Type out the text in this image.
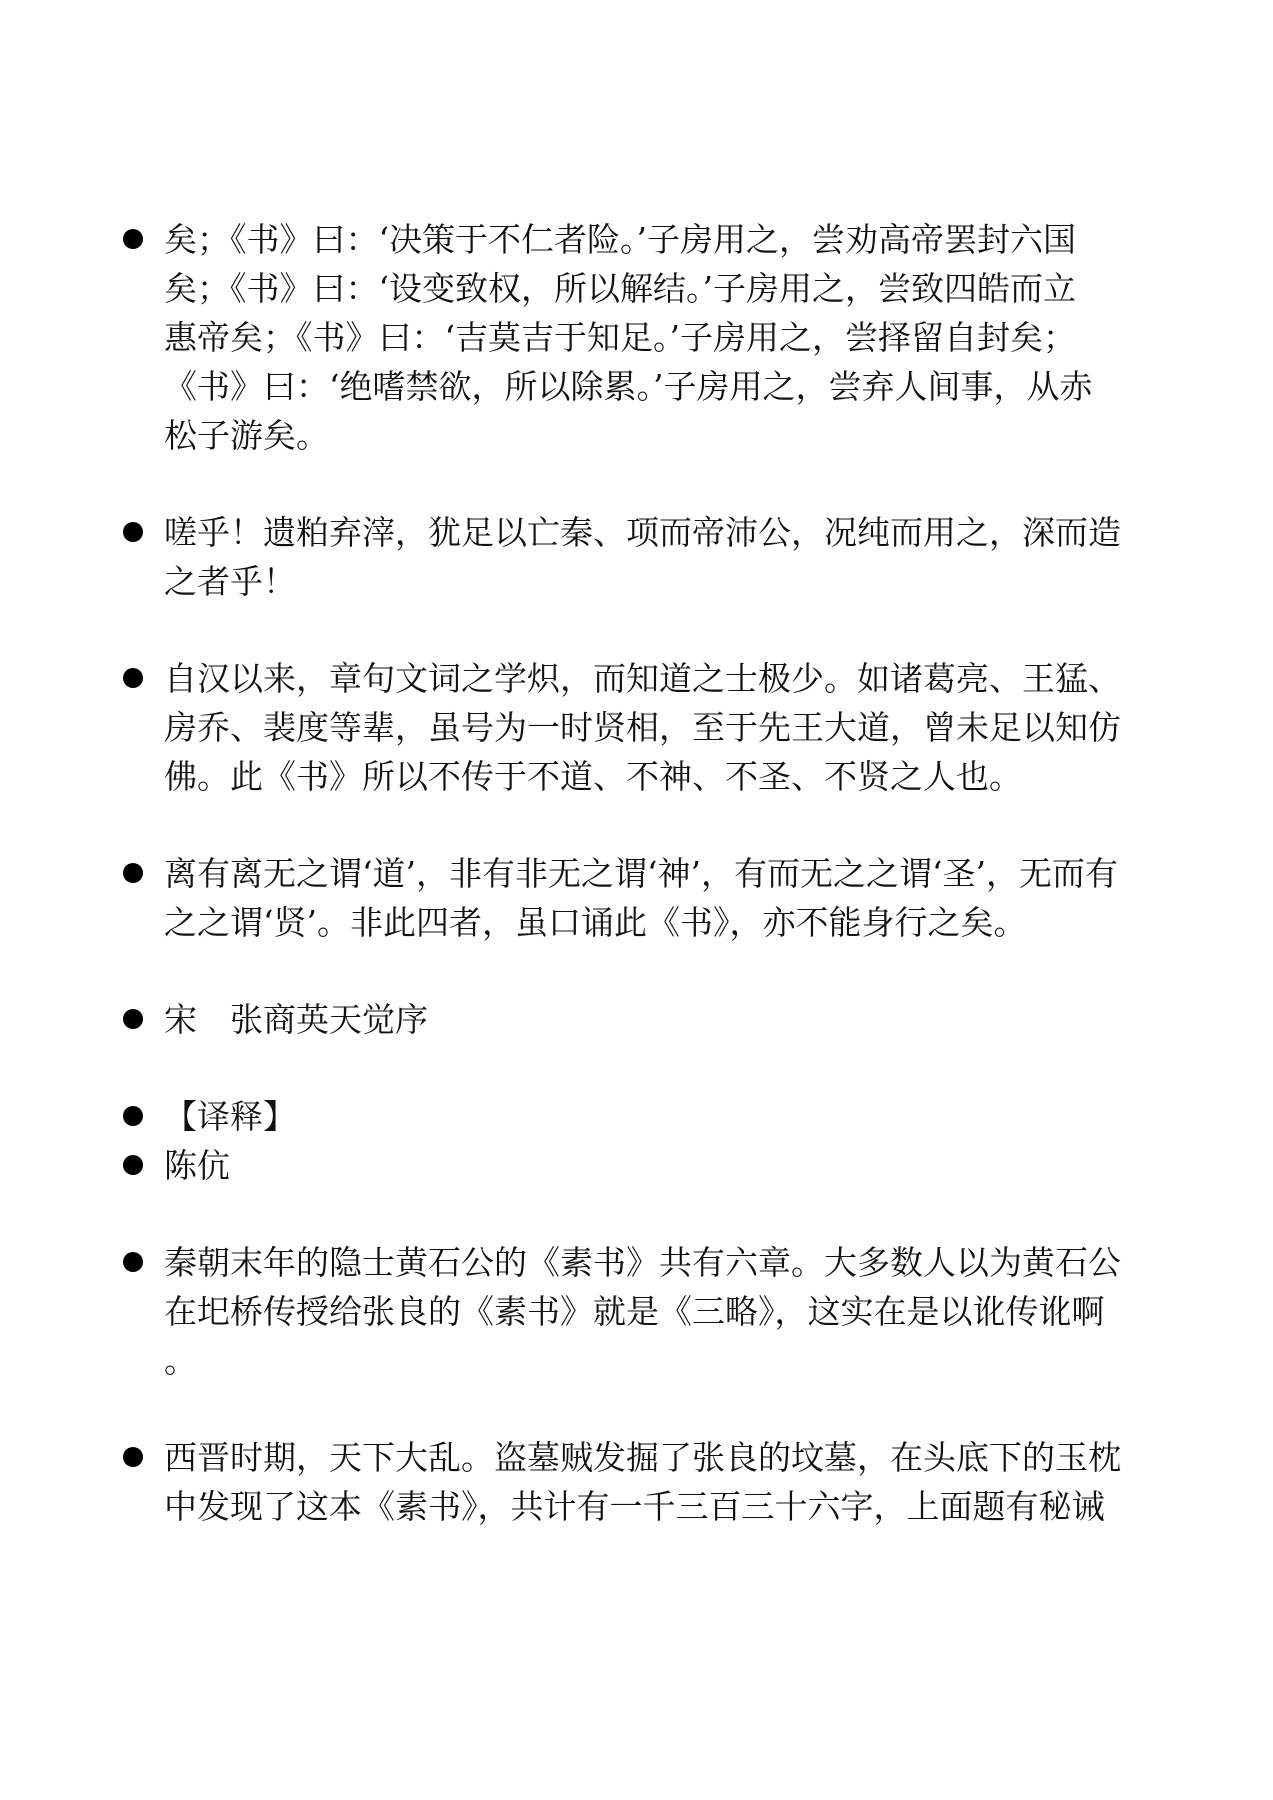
矣；《书》曰：‘决策于不仁者险。’子房用之，尝劝高帝罢封六国
矣；《书》曰：‘设变致权，所以解结。’子房用之，尝致四皓而立
惠帝矣；《书》曰：‘吉莫吉于知足。’子房用之，尝择留自封矣；
《书》曰：‘绝嗜禁欲，所以除累。’子房用之，尝弃人间事，从赤
松子游矣。
嗟乎！遗粕弃滓，犹足以亡秦、项而帝沛公，况纯而用之，深而造
之者乎！
自汉以来，章句文词之学炽，而知道之士极少。如诸葛亮、王猛、
房乔、裴度等辈，虽号为一时贤相，至于先王大道，曾未足以知仿
佛。此《书》所以不传于不道、不神、不圣、不贤之人也。
离有离无之谓‘道’，非有非无之谓‘神’，有而无之之谓‘圣’，无而有
之之谓‘贤’。非此四者，虽口诵此《书》，亦不能身行之矣。
宋　张商英天觉序
【译释】
陈伉
秦朝末年的隐士黄石公的《素书》共有六章。大多数人以为黄石公
在圯桥传授给张良的《素书》就是《三略》，这实在是以讹传讹啊
。
西晋时期，天下大乱。盗墓贼发掘了张良的坟墓，在头底下的玉枕
中发现了这本《素书》，共计有一千三百三十六字，上面题有秘诫
